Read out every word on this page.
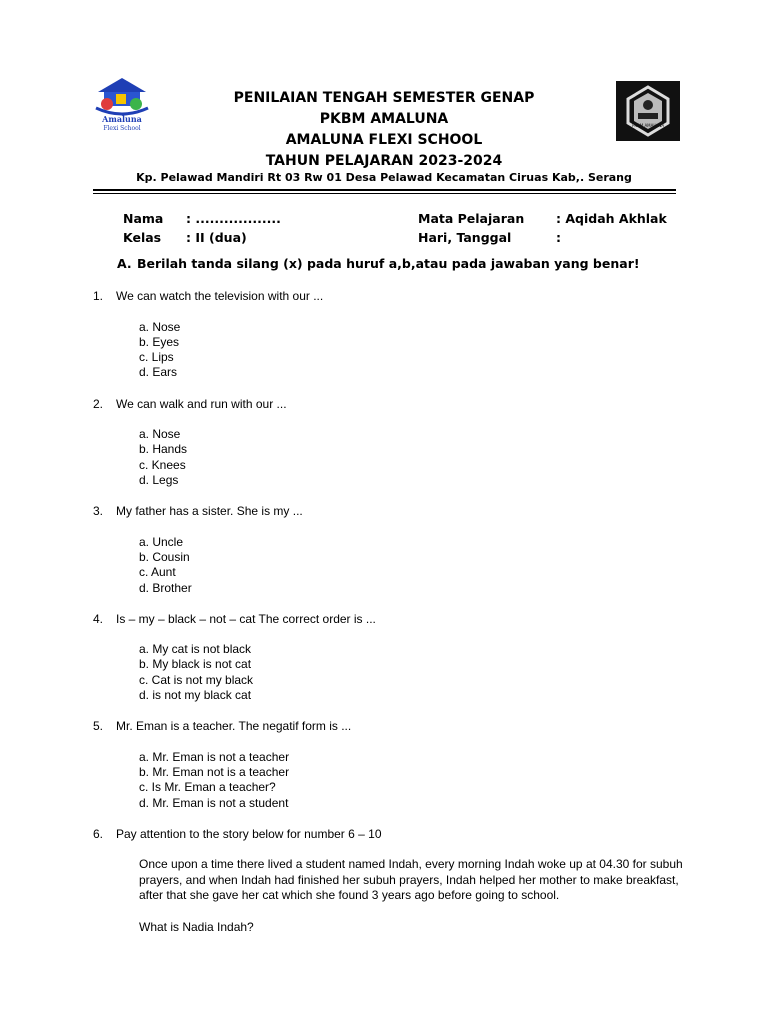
Amaluna
Flexi School	PKBM AMALUNA
PENILAIAN TENGAH SEMESTER GENAP
PKBM AMALUNA
AMALUNA FLEXI SCHOOL
TAHUN PELAJARAN 2023-2024
Kp. Pelawad Mandiri Rt 03 Rw 01 Desa Pelawad Kecamatan Ciruas Kab,. Serang
Nama : ..................
Kelas : II (dua)
Mata Pelajaran	: Aqidah Akhlak
Hari, Tanggal	:
A. Berilah tanda silang (x) pada huruf a,b,atau pada jawaban yang benar!
1.	We can watch the television with our ...
a. Nose
b. Eyes
c. Lips
d. Ears
2.	We can walk and run with our ...
a. Nose
b. Hands
c. Knees
d. Legs
3.	My father has a sister. She is my ...
a. Uncle
b. Cousin
c. Aunt
d. Brother
4.	Is – my – black – not – cat The correct order is ...
a. My cat is not black
b. My black is not cat
c. Cat is not my black
d. is not my black cat
5.	Mr. Eman is a teacher. The negatif form is ...
a. Mr. Eman is not a teacher
b. Mr. Eman not is a teacher
c. Is Mr. Eman a teacher?
d. Mr. Eman is not a student
6.	Pay attention to the story below for number 6 – 10
Once upon a time there lived a student named Indah, every morning Indah woke up at 04.30 for subuh
prayers, and when Indah had finished her subuh prayers, Indah helped her mother to make breakfast,
after that she gave her cat which she found 3 years ago before going to school.
What is Nadia Indah?
